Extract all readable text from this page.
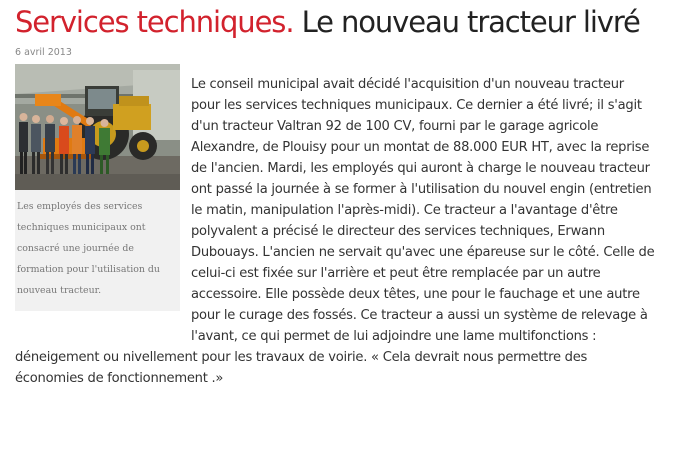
Services techniques. Le nouveau tracteur livré
6 avril 2013

Les employés des services
techniques municipaux ont
consacré une journée de
formation pour l'utilisation du
nouveau tracteur.

Le conseil municipal avait décidé l'acquisition d'un nouveau tracteur
pour les services techniques municipaux. Ce dernier a été livré; il s'agit
d'un tracteur Valtran 92 de 100 CV, fourni par le garage agricole
Alexandre, de Plouisy pour un montat de 88.000 EUR HT, avec la reprise
de l'ancien. Mardi, les employés qui auront à charge le nouveau tracteur
ont passé la journée à se former à l'utilisation du nouvel engin (entretien
le matin, manipulation l'après-midi). Ce tracteur a l'avantage d'être
polyvalent a précisé le directeur des services techniques, Erwann
Dubouays. L'ancien ne servait qu'avec une épareuse sur le côté. Celle de
celui-ci est fixée sur l'arrière et peut être remplacée par un autre
accessoire. Elle possède deux têtes, une pour le fauchage et une autre
pour le curage des fossés. Ce tracteur a aussi un système de relevage à
l'avant, ce qui permet de lui adjoindre une lame multifonctions :
déneigement ou nivellement pour les travaux de voirie. « Cela devrait nous permettre des
économies de fonctionnement .»
